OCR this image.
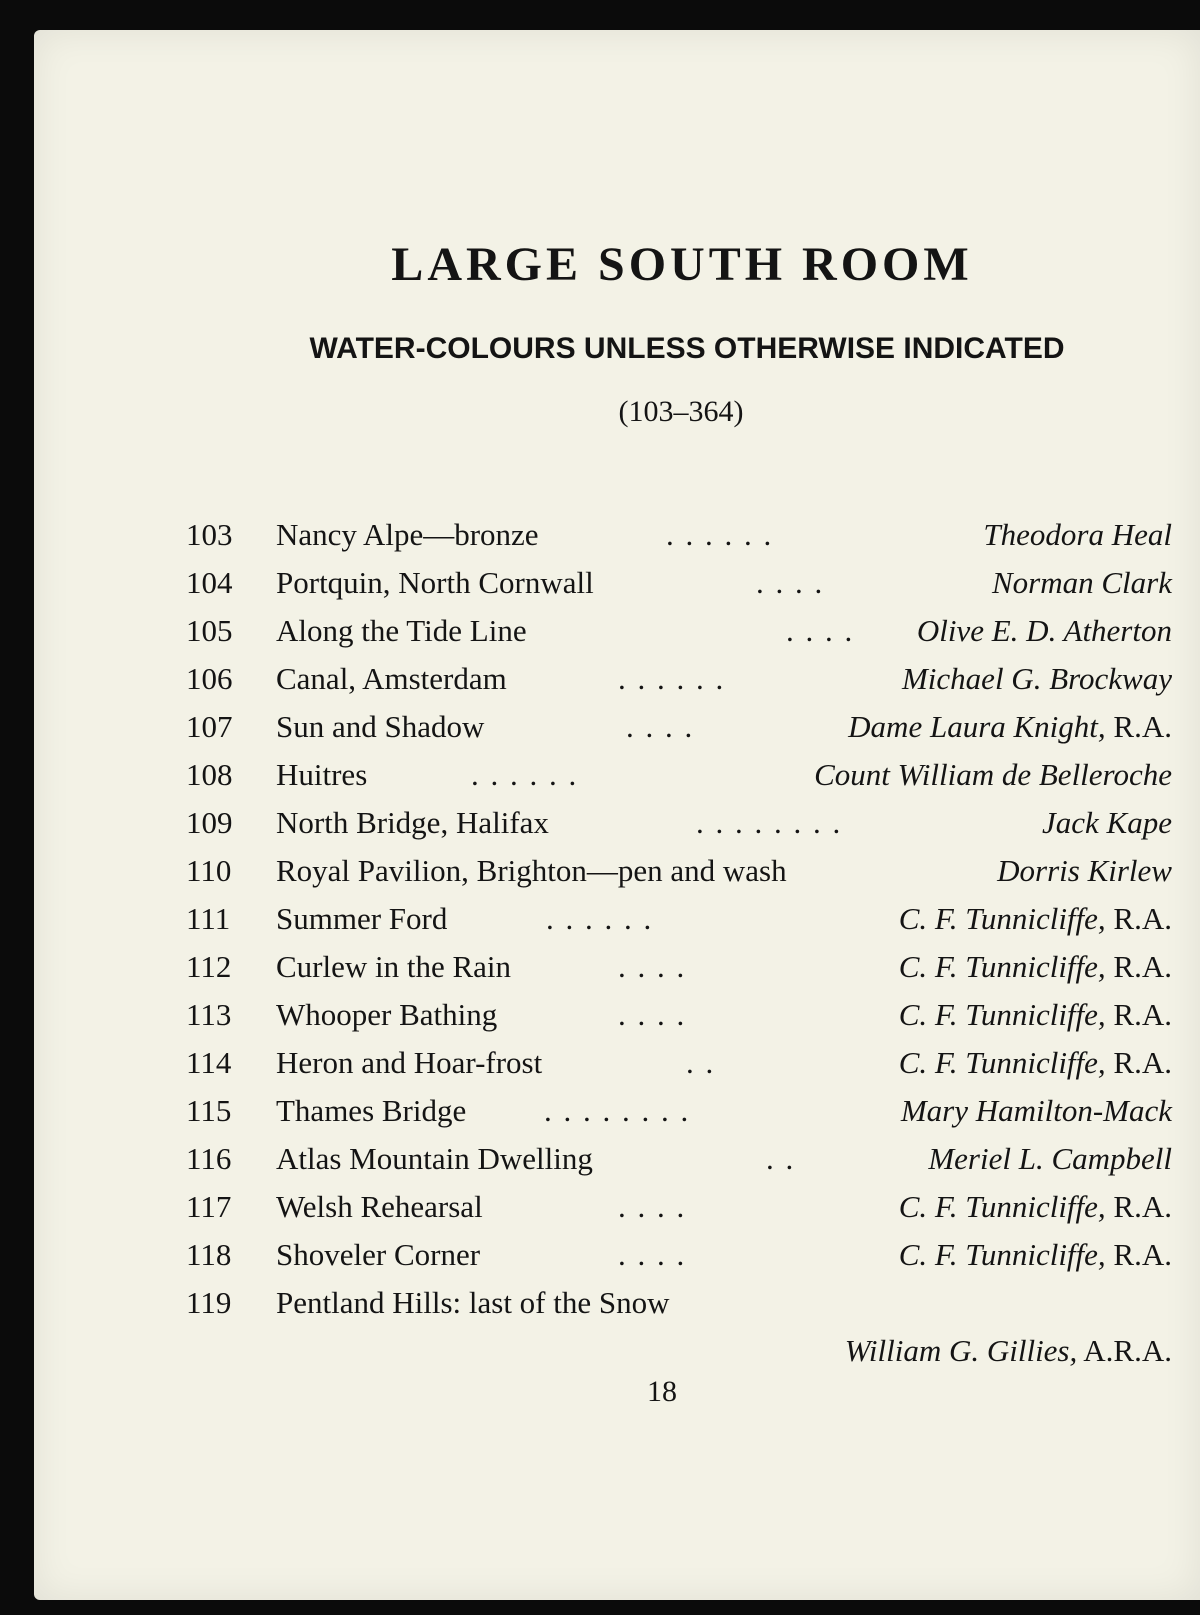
LARGE SOUTH ROOM
WATER-COLOURS UNLESS OTHERWISE INDICATED
(103–364)
103	Nancy Alpe—bronze	. . . . . .	Theodora Heal
104	Portquin, North Cornwall	. . . .	Norman Clark
105	Along the Tide Line	. . . . Olive E. D. Atherton
106	Canal, Amsterdam	. . . . . .	Michael G. Brockway
107	Sun and Shadow	. . . .	Dame Laura Knight, R.A.
108	Huitres	. . . . . .	Count William de Belleroche
109	North Bridge, Halifax	. . . . . . . .	Jack Kape
110	Royal Pavilion, Brighton—pen and wash	Dorris Kirlew
111	Summer Ford	. . . . . .	C. F. Tunnicliffe, R.A.
112	Curlew in the Rain	. . . .	C. F. Tunnicliffe, R.A.
113	Whooper Bathing	. . . .	C. F. Tunnicliffe, R.A.
114	Heron and Hoar-frost	. .	C. F. Tunnicliffe, R.A.
115	Thames Bridge	. . . . . . . .	Mary Hamilton-Mack
116	Atlas Mountain Dwelling	. .	Meriel L. Campbell
117	Welsh Rehearsal	. . . .	C. F. Tunnicliffe, R.A.
118	Shoveler Corner	. . . .	C. F. Tunnicliffe, R.A.
119	Pentland Hills: last of the Snow
William G. Gillies, A.R.A.
18
